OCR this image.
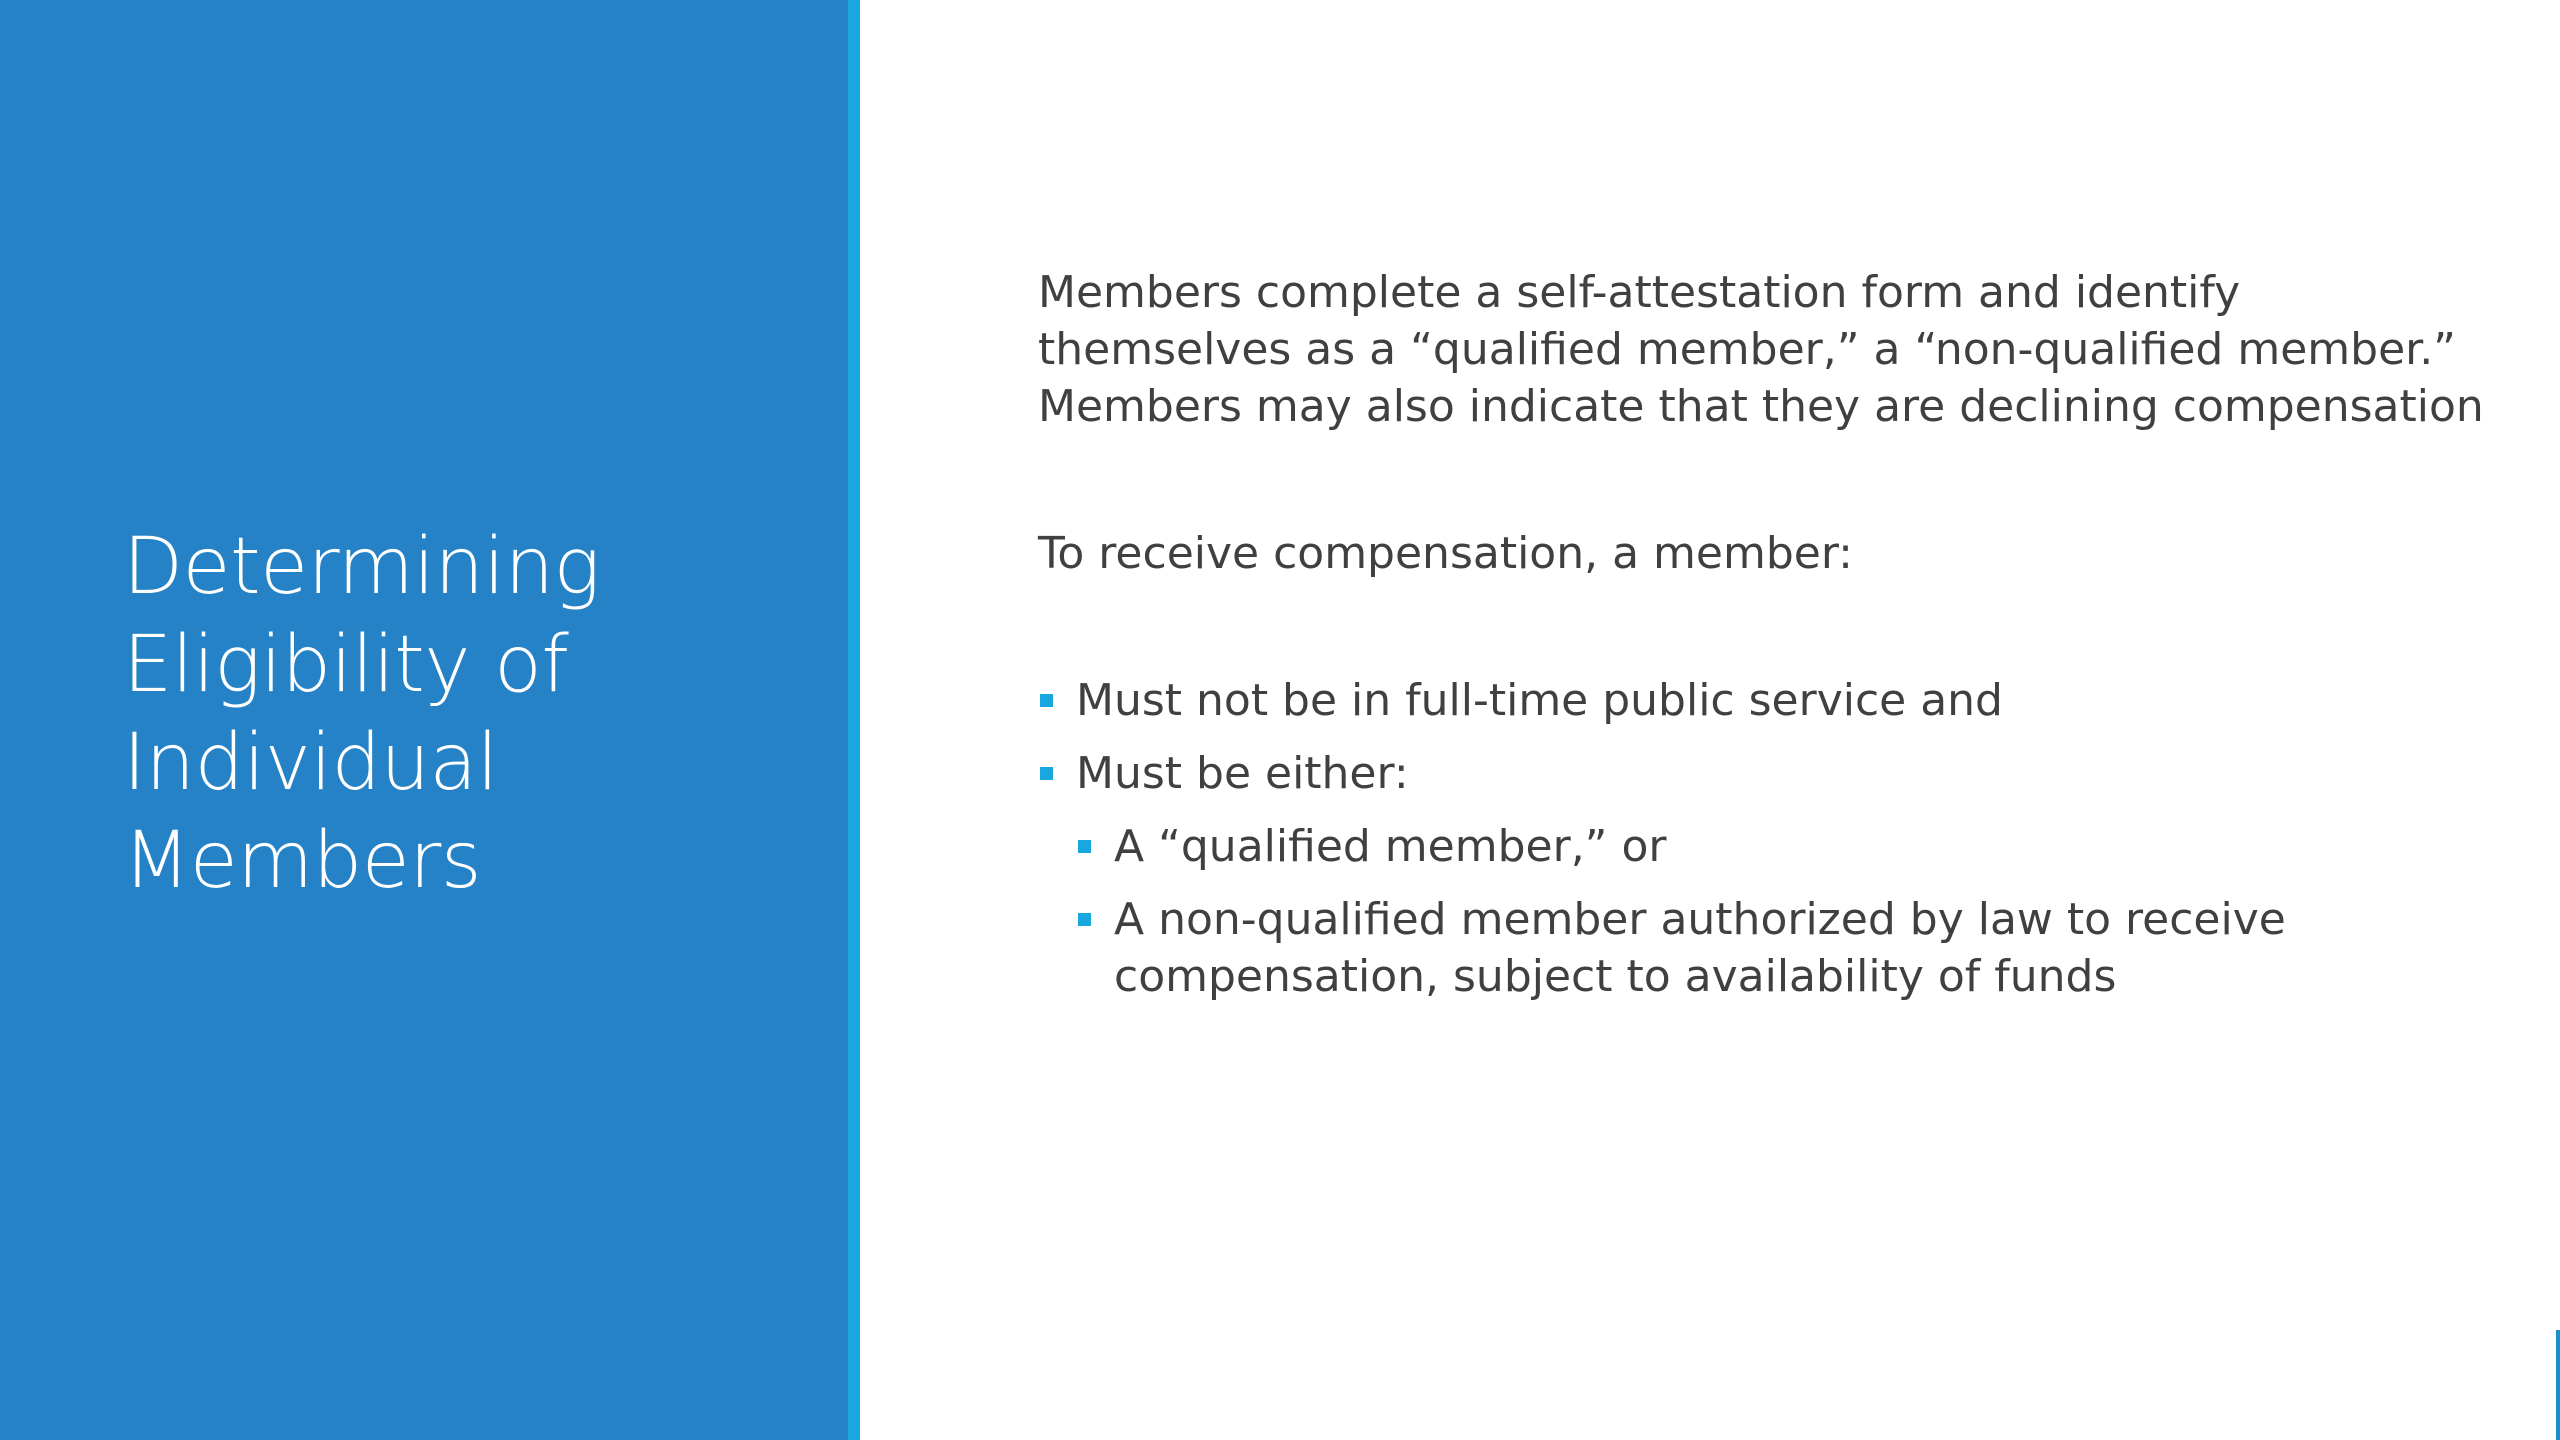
Determining
Eligibility of
Individual
Members

Members complete a self-attestation form and identify
themselves as a “qualified member,” a “non-qualified member.”
Members may also indicate that they are declining compensation

To receive compensation, a member:

Must not be in full-time public service and
Must be either:
A “qualified member,” or
A non-qualified member authorized by law to receive
compensation, subject to availability of funds
